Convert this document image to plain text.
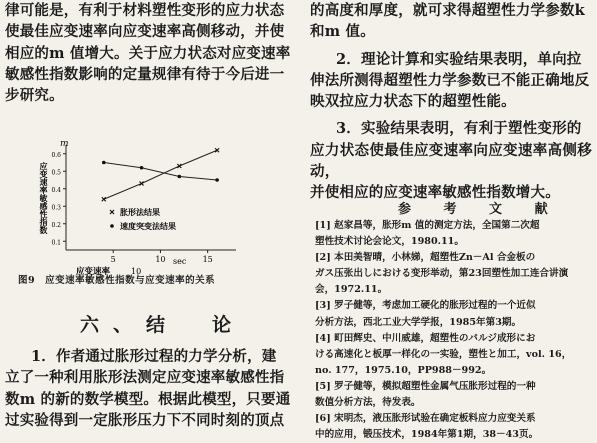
律可能是，有利于材料塑性变形的应力状态

使最佳应变速率向应变速率高侧移动，并使

相应的m 值增大。关于应力状态对应变速率

敏感性指数影响的定量规律有待于今后进一

步研究。

m
应变速率敏感性指数
0.6
0.5
0.4
0.3
0.2
0.1
5	10	15
应变速率	10
sec
胀形法结果
速度突变法结果
图9　应变速率敏感性指数与应变速率的关系
六、结　论

1．作者通过胀形过程的力学分析，建

立了一种利用胀形法测定应变速率敏感性指

数m 的新的数学模型。根据此模型，只要通

过实验得到一定胀形压力下不同时刻的顶点

的高度和厚度，就可求得超塑性力学参数k

和m 值。

2．理论计算和实验结果表明，单向拉

伸法所测得超塑性力学参数已不能正确地反

映双拉应力状态下的超塑性能。

3．实验结果表明，有利于塑性变形的

应力状态使最佳应变速率向应变速率高侧移动，

并使相应的应变速率敏感性指数增大。

参 考 文 献

[1] 赵家昌等，胀形m 值的测定方法，全国第二次超

塑性技术讨论会论文，1980.11。

[2] 本田美智晴，小林娣，超塑性Zn－Al 合金板の

ガス压张出しにおける变形举动，第23回塑性加工连合讲演

会，1972.11。

[3] 罗子健等，考虑加工硬化的胀形过程的一个近似

分析方法，西北工业大学学报，1985年第3期。

[4] 町田辉史、中川威雄，超塑性のバルジ成形にお

ける高速化と板厚一样化の一实验，塑性と加工，vol. 16，

no. 177，1975.10，PP988－992。

[5] 罗子健等，模拟超塑性金属气压胀形过程的一种

数值分析方法，待发表。

[6] 宋明杰，液压胀形试验在确定板料应力应变关系

中的应用，锻压技术，1984年第1期，38－43页。
